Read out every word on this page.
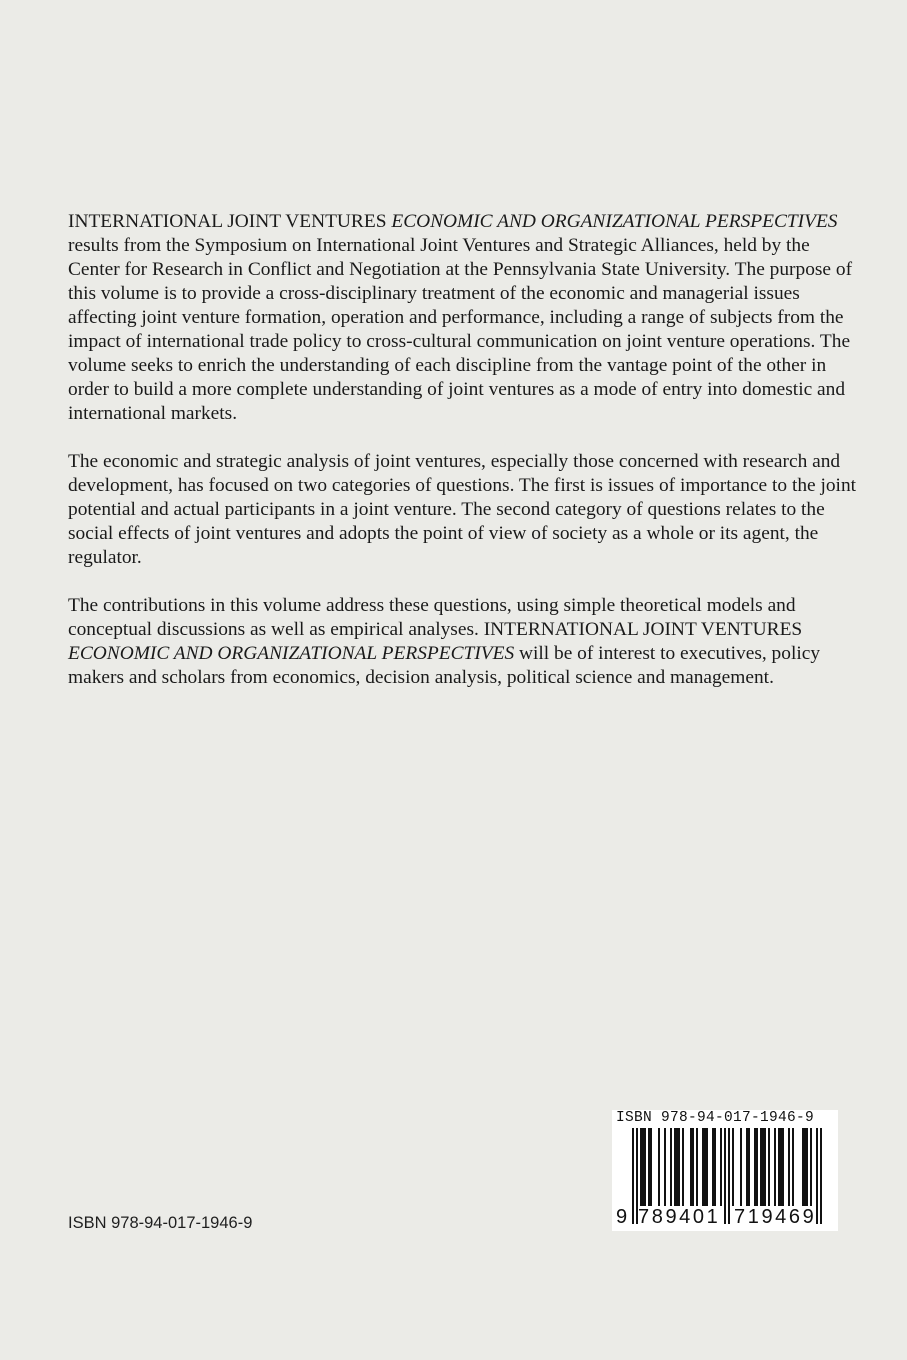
INTERNATIONAL JOINT VENTURES ECONOMIC AND ORGANIZATIONAL PERSPECTIVES results from the Symposium on International Joint Ventures and Strategic Alliances, held by the Center for Research in Conflict and Negotiation at the Pennsylvania State University. The purpose of this volume is to provide a cross-disciplinary treatment of the economic and managerial issues affecting joint venture formation, operation and performance, including a range of subjects from the impact of international trade policy to cross-cultural communication on joint venture operations. The volume seeks to enrich the understanding of each discipline from the vantage point of the other in order to build a more complete understanding of joint ventures as a mode of entry into domestic and international markets.

The economic and strategic analysis of joint ventures, especially those concerned with research and development, has focused on two categories of questions. The first is issues of importance to the joint potential and actual participants in a joint venture. The second category of questions relates to the social effects of joint ventures and adopts the point of view of society as a whole or its agent, the regulator.

The contributions in this volume address these questions, using simple theoretical models and conceptual discussions as well as empirical analyses. INTERNATIONAL JOINT VENTURES ECONOMIC AND ORGANIZATIONAL PERSPECTIVES will be of interest to executives, policy makers and scholars from economics, decision analysis, political science and management.

ISBN 978-94-017-1946-9
ISBN 978-94-017-1946-9
9 789401 719469
